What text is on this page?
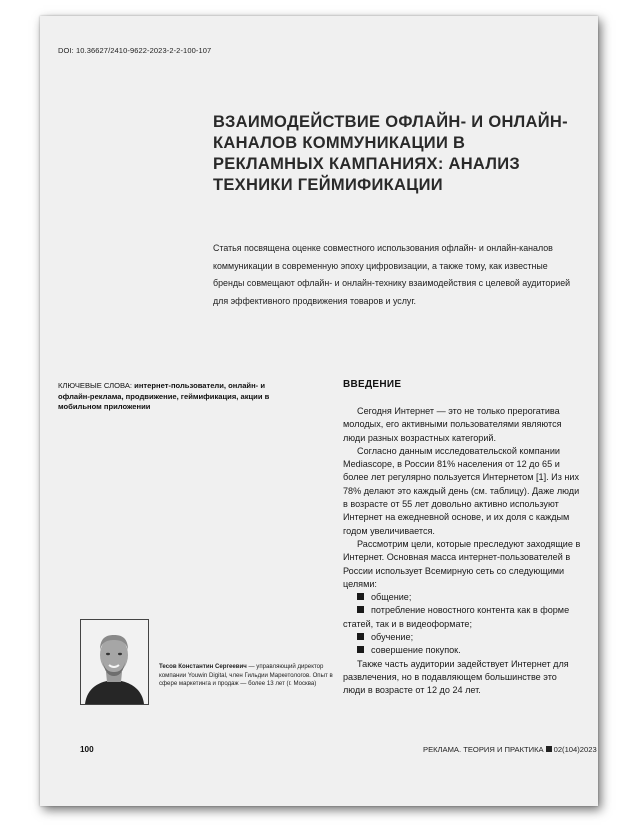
DOI: 10.36627/2410-9622-2023-2-2-100-107
ВЗАИМОДЕЙСТВИЕ ОФЛАЙН- И ОНЛАЙН-КАНАЛОВ КОММУНИКАЦИИ В РЕКЛАМНЫХ КАМПАНИЯХ: АНАЛИЗ ТЕХНИКИ ГЕЙМИФИКАЦИИ
Статья посвящена оценке совместного использования офлайн- и онлайн-каналов коммуникации в современную эпоху цифровизации, а также тому, как известные бренды совмещают офлайн- и онлайн-технику взаимодействия с целевой аудиторией для эффективного продвижения товаров и услуг.
КЛЮЧЕВЫЕ СЛОВА: интернет-пользователи, онлайн- и офлайн-реклама, продвижение, геймификация, акции в мобильном приложении
ВВЕДЕНИЕ

Сегодня Интернет — это не только прерогатива молодых, его активными пользователями являются люди разных возрастных категорий.

Согласно данным исследовательской компании Mediascope, в России 81% населения от 12 до 65 и более лет регулярно пользуется Интернетом [1]. Из них 78% делают это каждый день (см. таблицу). Даже люди в возрасте от 55 лет довольно активно используют Интернет на ежедневной основе, и их доля с каждым годом увеличивается.

Рассмотрим цели, которые преследуют заходящие в Интернет. Основная масса интернет-пользователей в России использует Всемирную сеть со следующими целями:

общение;
потребление новостного контента как в форме статей, так и в видеоформате;
обучение;
совершение покупок.

Также часть аудитории задействует Интернет для развлечения, но в подавляющем большинстве это люди в возрасте от 12 до 24 лет.

Тесов Константин Сергеевич — управляющий директор компании Youwin Digital, член Гильдии Маркетологов. Опыт в сфере маркетинга и продаж — более 13 лет (г. Москва)
100	РЕКЛАМА. ТЕОРИЯ И ПРАКТИКА 02(104)2023
